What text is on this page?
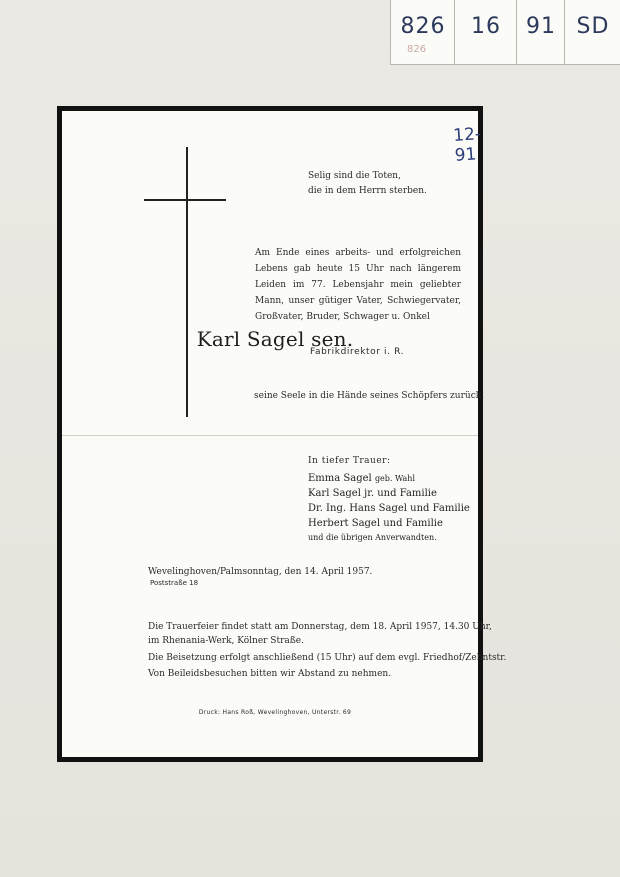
826
826
16	91 SD
12-91
Selig sind die Toten,
die in dem Herrn sterben.
Am Ende eines arbeits- und erfolgreichen Lebens gab heute 15 Uhr nach längerem Leiden im 77. Lebensjahr mein geliebter Mann, unser gütiger Vater, Schwiegervater, Großvater, Bruder, Schwager u. Onkel
Karl Sagel sen.
Fabrikdirektor i. R.
seine Seele in die Hände seines Schöpfers zurück.
In tiefer Trauer:
Emma Sagel geb. Wahl
Karl Sagel jr. und Familie
Dr. Ing. Hans Sagel und Familie
Herbert Sagel und Familie
und die übrigen Anverwandten.
Wevelinghoven/Palmsonntag, den 14. April 1957.
Poststraße 18
Die Trauerfeier findet statt am Donnerstag, dem 18. April 1957, 14.30 Uhr,
im Rhenania-Werk, Kölner Straße.
Die Beisetzung erfolgt anschließend (15 Uhr) auf dem evgl. Friedhof/Zehntstr.
Von Beileidsbesuchen bitten wir Abstand zu nehmen.
Druck: Hans Roß, Wevelinghoven, Unterstr. 69
